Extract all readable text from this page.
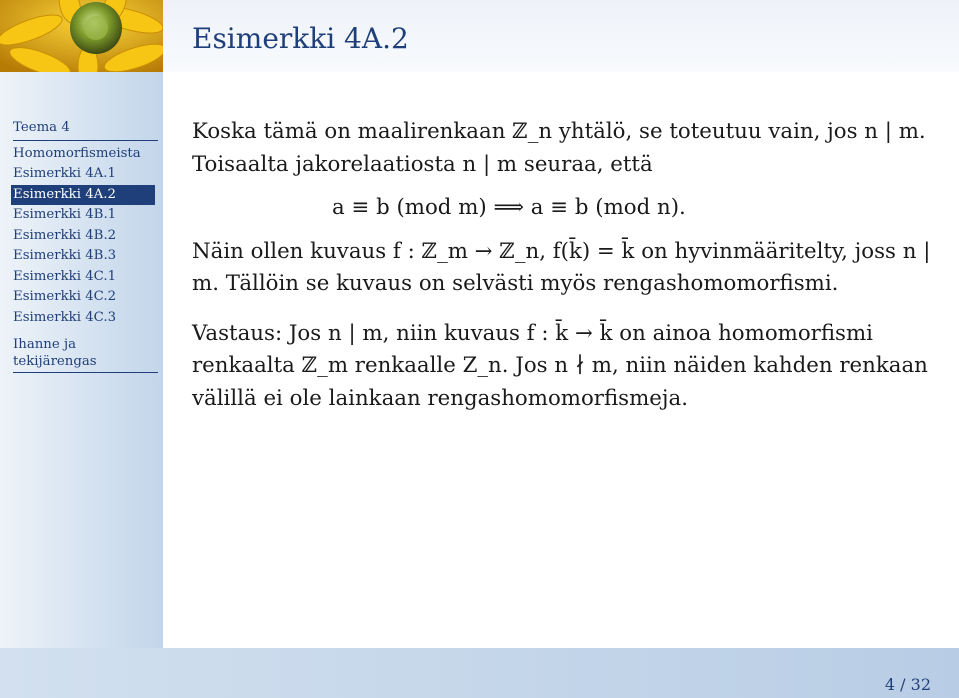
Teema 4
Homomorfismeista
Esimerkki 4A.1
Esimerkki 4A.2
Esimerkki 4B.1
Esimerkki 4B.2
Esimerkki 4B.3
Esimerkki 4C.1
Esimerkki 4C.2
Esimerkki 4C.3
Ihanne ja
tekijärengas
Esimerkki 4A.2

Koska tämä on maalirenkaan ℤ_n yhtälö, se toteutuu vain, jos n | m. Toisaalta jakorelaatiosta n | m seuraa, että

a ≡ b (mod m) ⟹ a ≡ b (mod n).

Näin ollen kuvaus f : ℤ_m → ℤ_n, f(k̄) = k̄ on hyvinmääritelty, joss n | m. Tällöin se kuvaus on selvästi myös rengashomomorfismi.

Vastaus: Jos n | m, niin kuvaus f : k̄ → k̄ on ainoa homomorfismi renkaalta ℤ_m renkaalle Z_n. Jos n ∤ m, niin näiden kahden renkaan välillä ei ole lainkaan rengashomomorfismeja.

4 / 32
